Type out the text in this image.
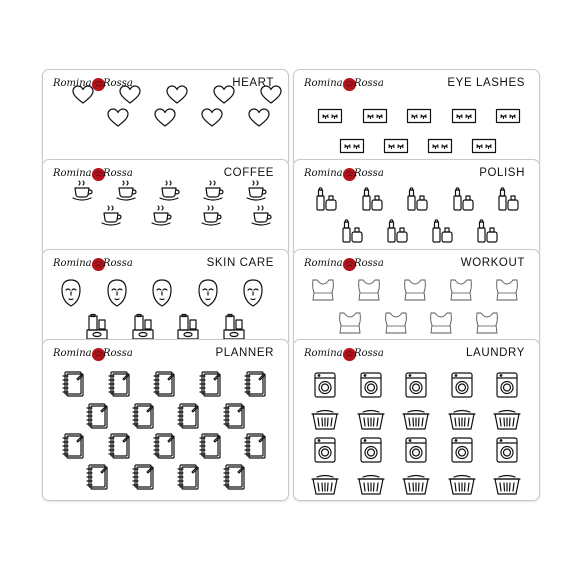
Romina Rossa	HEART
Romina Rossa	COFFEE
Romina Rossa	SKIN CARE
Romina Rossa	PLANNER
Romina Rossa	EYE LASHES
Romina Rossa	POLISH
Romina Rossa	WORKOUT
Romina Rossa	LAUNDRY
